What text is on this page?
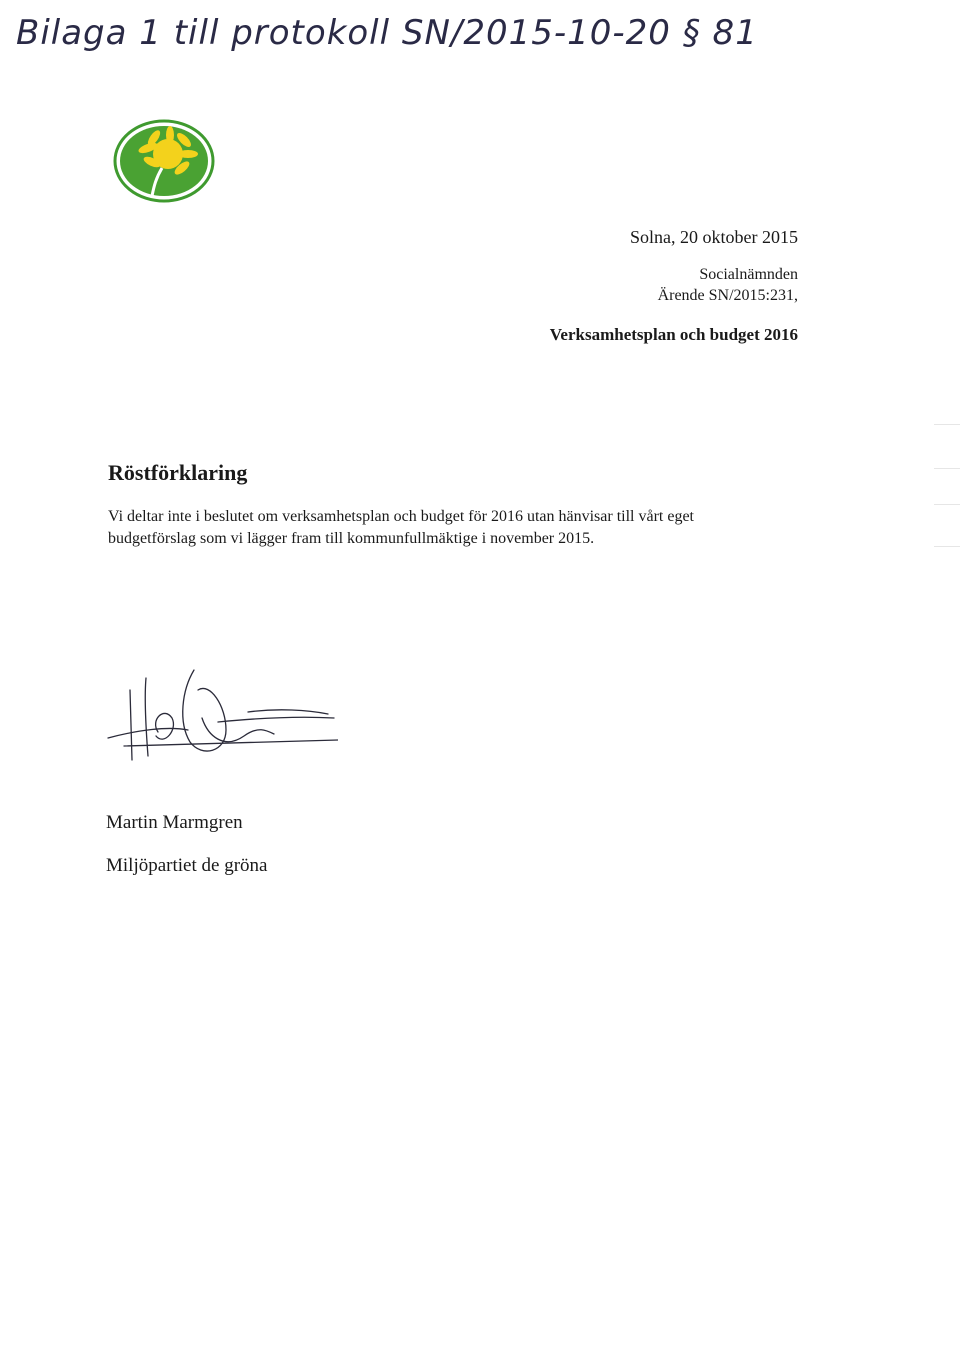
Bilaga 1 till protokoll SN/2015-10-20 § 81
Solna, 20 oktober 2015
Socialnämnden
Ärende SN/2015:231,
Verksamhetsplan och budget 2016
Röstförklaring

Vi deltar inte i beslutet om verksamhetsplan och budget för 2016 utan hänvisar till vårt eget

budgetförslag som vi lägger fram till kommunfullmäktige i november 2015.

Martin Marmgren
Miljöpartiet de gröna
